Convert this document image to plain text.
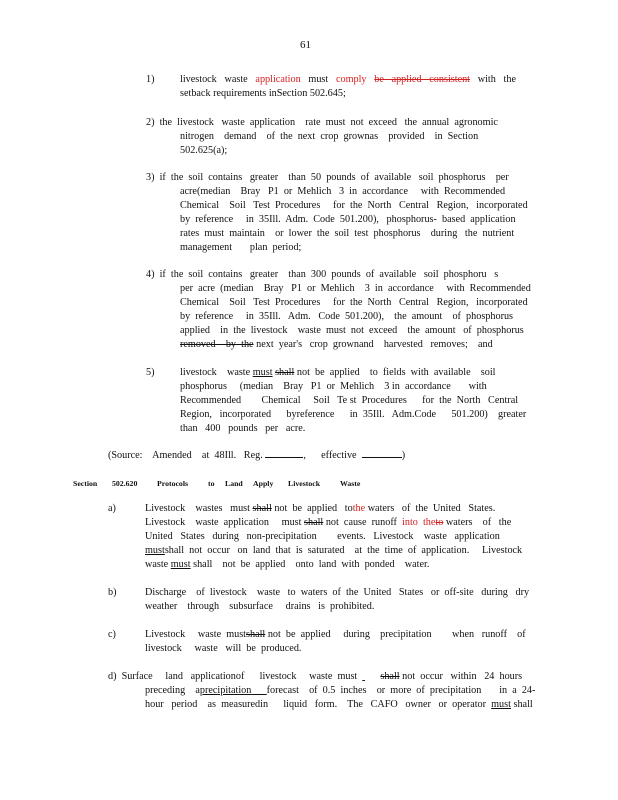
61
1)	livestock waste application must comply be applied consistent with the
setback requirements inSection 502.645;
2)  the  livestock   waste  application    rate  must  not  exceed   the  annual  agronomic
nitrogen    demand    of  the  next  crop  grownas    provided    in  Section
502.625(a);
3)  if  the  soil  contains   greater    than  50  pounds  of  available   soil  phosphorus    per
acre(median    Bray   P1  or  Mehlich   3  in  accordance     with  Recommended
Chemical    Soil   Test  Procedures     for  the  North   Central   Region,   incorporated
by  reference     in  35Ill.  Adm.  Code  501.200),   phosphorus-  based  application
rates  must  maintain    or  lower  the  soil  test  phosphorus    during   the  nutrient
management       plan  period;
4)  if  the  soil  contains   greater    than  300  pounds  of  available   soil  phosphoru   s
per  acre  (median    Bray   P1  or  Mehlich    3  in  accordance     with  Recommended
Chemical    Soil   Test  Procedures     for  the  North   Central   Region,   incorporated
by  reference     in  35Ill.   Adm.   Code  501.200),    the  amount    of  phosphorus
applied    in  the  livestock    waste  must  not  exceed    the  amount   of  phosphorus
removed    by  the next  year's   crop  grownand    harvested   removes;    and
5)	livestock    waste must shall not  be  applied    to  fields  with  available    soil
phosphorus     (median    Bray   P1  or  Mehlich    3 in  accordance       with
Recommended        Chemical     Soil   Te st  Procedures      for  the  North   Central
Region,   incorporated      byreference      in  35Ill.   Adm.Code      501.200)    greater
than   400   pounds   per   acre.
(Source:    Amended    at  48Ill.   Reg.	, effective	)
Section 502.620	Protocols	to Land Apply Livestock	Waste
a)	Livestock    wastes   must shall not  be  applied   tothe waters   of  the  United   States.
Livestock    waste  application     must shall not  cause  runoff into  theto waters    of   the
United   States   during   non-precipitation        events.   Livestock    waste   application
mustshall  not  occur   on  land  that  is  saturated    at  the  time  of  application.     Livestock
waste must shall    not  be  applied    onto  land  with  ponded    water.
b)	Discharge    of  livestock    waste   to  waters  of  the  United   States   or  off-site   during   dry
weather    through    subsurface     drains   is  prohibited.
c)	Livestock     waste  mustshall not  be  applied     during    precipitation        when   runoff    of
livestock     waste   will  be  produced.
d)  Surface     land   applicationof      livestock     waste  must shall not  occur   within   24  hours
preceding    aprecipitation forecast    of  0.5  inches    or  more  of  precipitation       in  a  24-
hour   period    as  measuredin      liquid   form.    The   CAFO   owner   or  operator must shall
